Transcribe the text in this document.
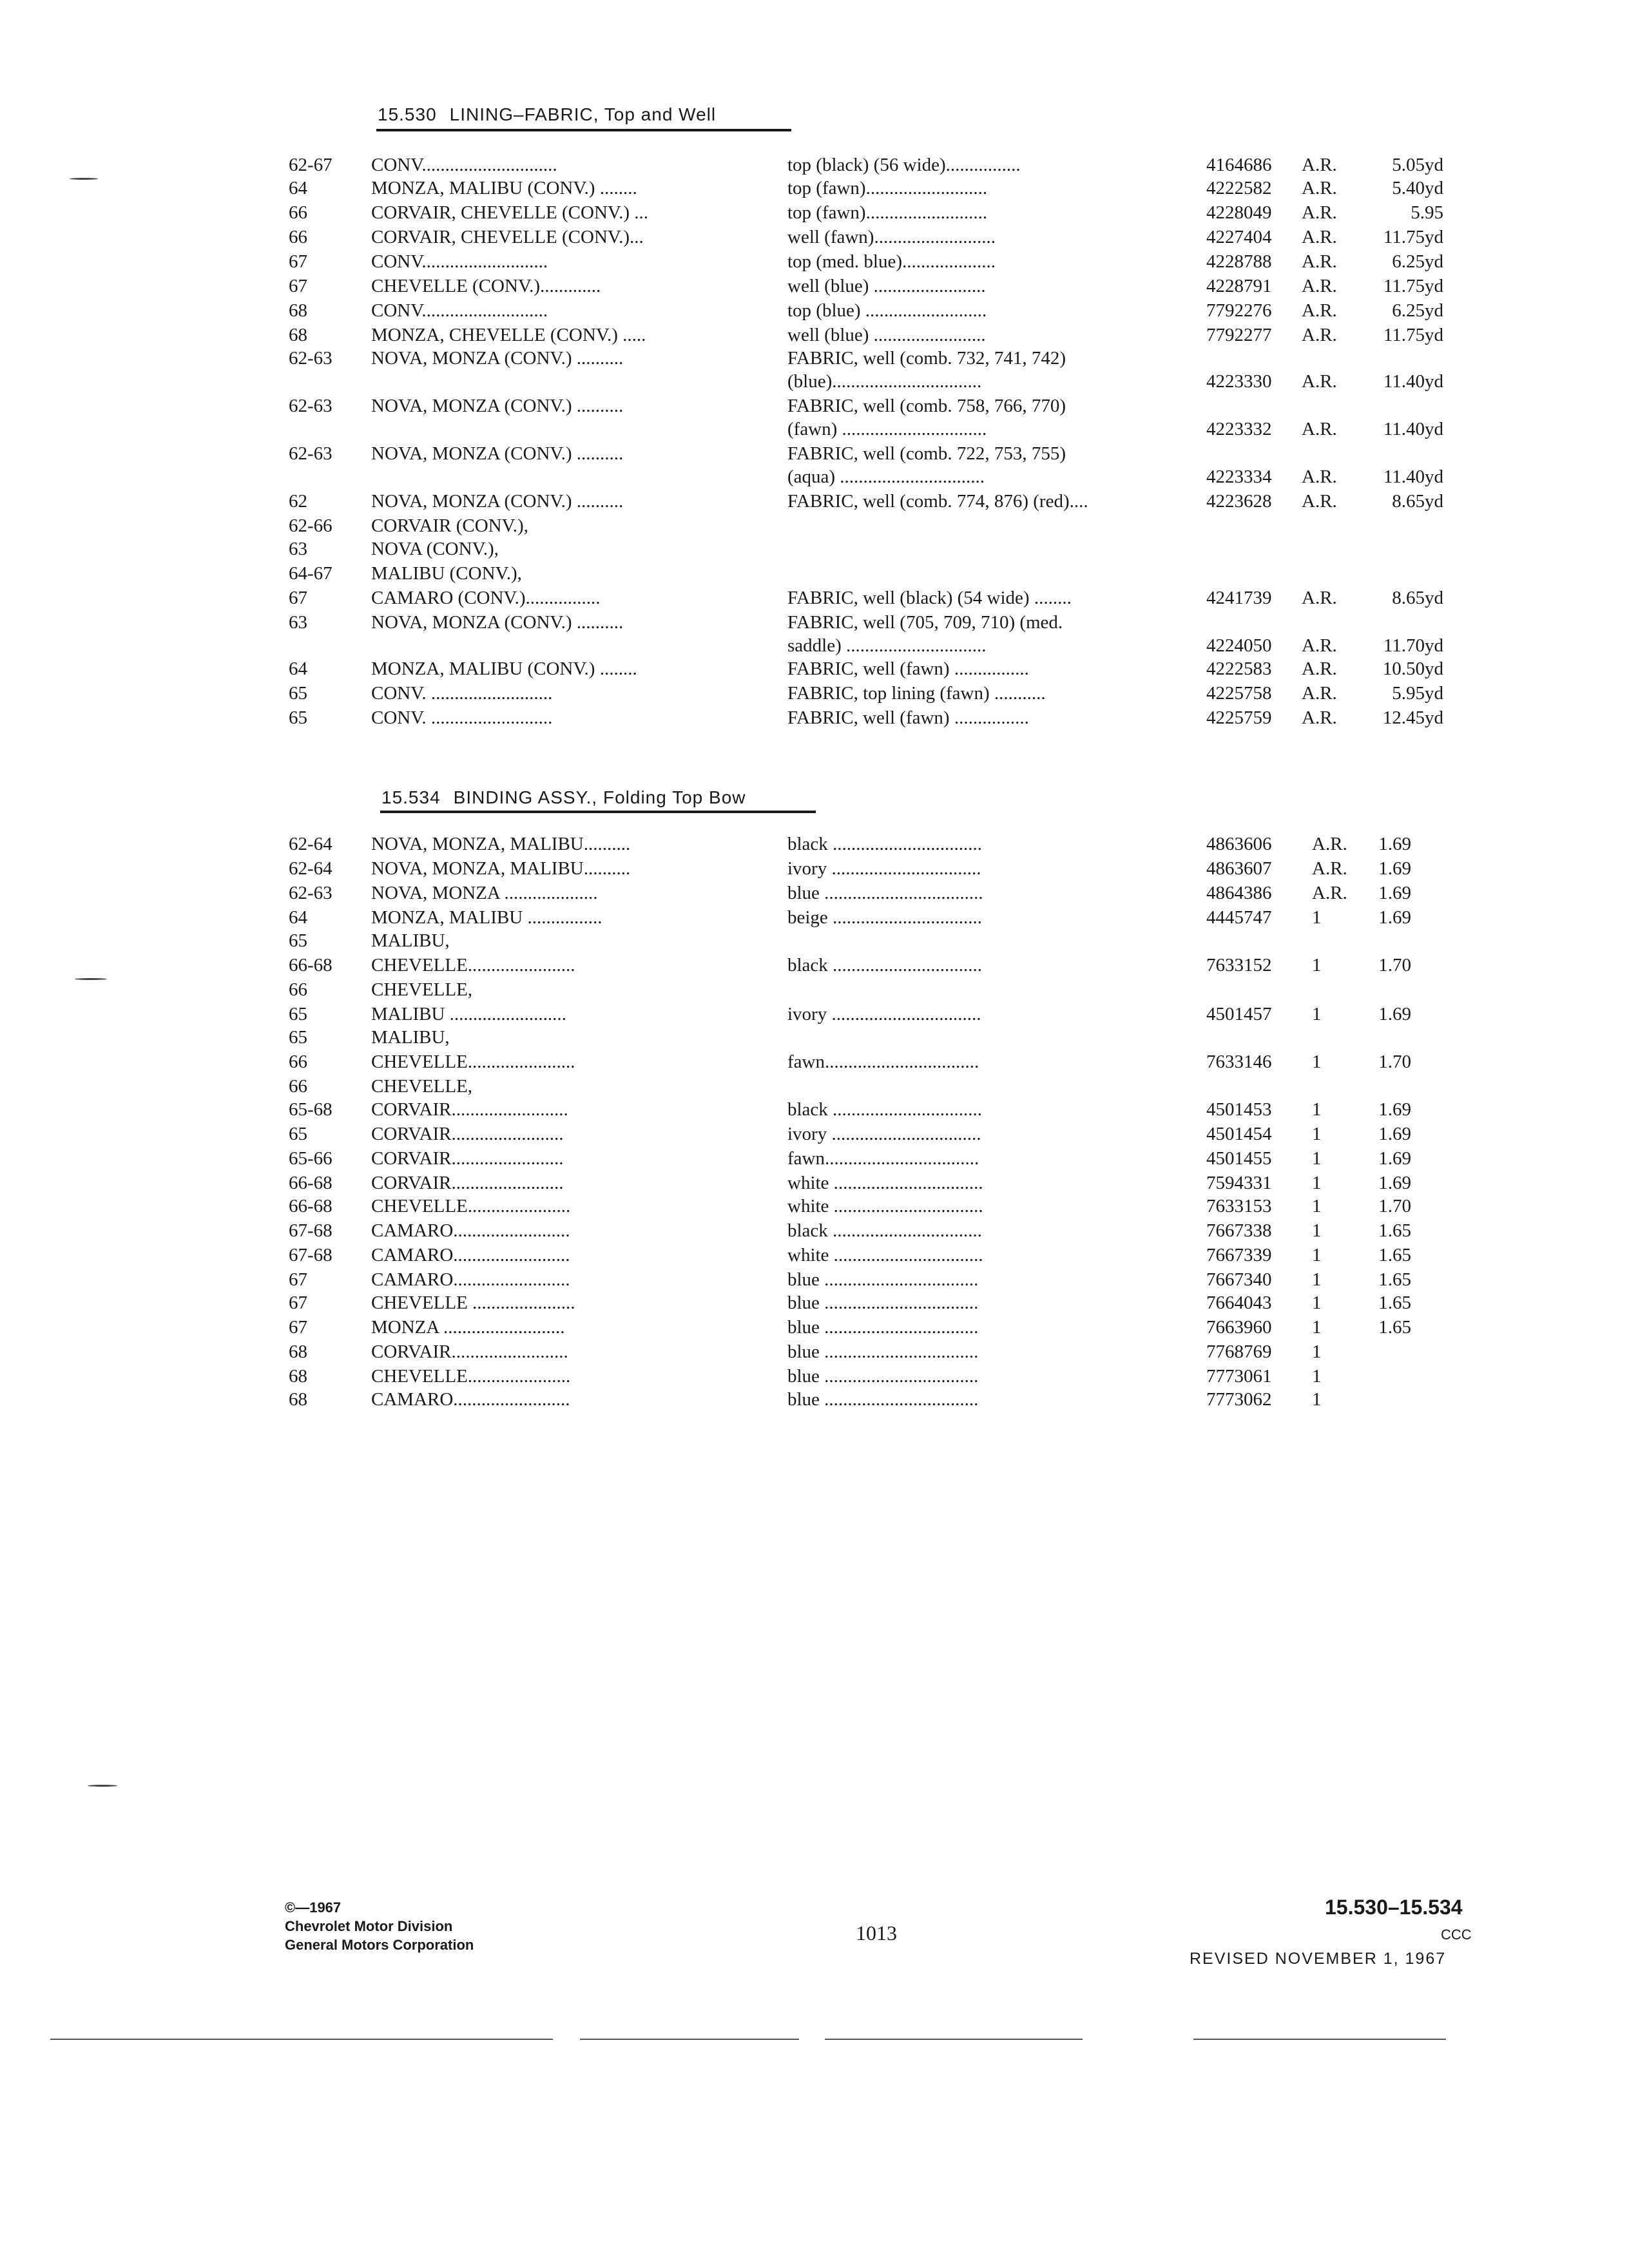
15.530 LINING–FABRIC, Top and Well
62-67	CONV.............................	top (black) (56 wide)................	4164686	A.R.	5.05yd
64	MONZA, MALIBU (CONV.) ........	top (fawn)..........................	4222582	A.R.	5.40yd
66	CORVAIR, CHEVELLE (CONV.) ...	top (fawn)..........................	4228049	A.R.	5.95
66	CORVAIR, CHEVELLE (CONV.)...	well (fawn)..........................	4227404	A.R.	11.75yd
67	CONV...........................	top (med. blue)....................	4228788	A.R.	6.25yd
67	CHEVELLE (CONV.).............	well (blue) ........................	4228791	A.R.	11.75yd
68	CONV...........................	top (blue) ..........................	7792276	A.R.	6.25yd
68	MONZA, CHEVELLE (CONV.) .....	well (blue) ........................	7792277	A.R.	11.75yd
62-63	NOVA, MONZA (CONV.) ..........	FABRIC, well (comb. 732, 741, 742)
(blue)................................	4223330	A.R.	11.40yd
62-63	NOVA, MONZA (CONV.) ..........	FABRIC, well (comb. 758, 766, 770)
(fawn) ...............................	4223332	A.R.	11.40yd
62-63	NOVA, MONZA (CONV.) ..........	FABRIC, well (comb. 722, 753, 755)
(aqua) ...............................	4223334	A.R.	11.40yd
62	NOVA, MONZA (CONV.) ..........	FABRIC, well (comb. 774, 876) (red)....	4223628	A.R.	8.65yd
62-66	CORVAIR (CONV.),
63	NOVA (CONV.),
64-67	MALIBU (CONV.),
67	CAMARO (CONV.)................	FABRIC, well (black) (54 wide) ........	4241739	A.R.	8.65yd
63	NOVA, MONZA (CONV.) ..........	FABRIC, well (705, 709, 710) (med.
saddle) ..............................	4224050	A.R.	11.70yd
64	MONZA, MALIBU (CONV.) ........	FABRIC, well (fawn) ................	4222583	A.R.	10.50yd
65	CONV. ..........................	FABRIC, top lining (fawn) ...........	4225758	A.R.	5.95yd
65	CONV. ..........................	FABRIC, well (fawn) ................	4225759	A.R.	12.45yd
15.534 BINDING ASSY., Folding Top Bow
62-64	NOVA, MONZA, MALIBU..........	black ................................	4863606	A.R.	1.69
62-64	NOVA, MONZA, MALIBU..........	ivory ................................	4863607	A.R.	1.69
62-63	NOVA, MONZA ....................	blue ..................................	4864386	A.R.	1.69
64	MONZA, MALIBU ................	beige ................................	4445747	1	1.69
65	MALIBU,
66-68	CHEVELLE.......................	black ................................	7633152	1	1.70
66	CHEVELLE,
65	MALIBU .........................	ivory ................................	4501457	1	1.69
65	MALIBU,
66	CHEVELLE.......................	fawn.................................	7633146	1	1.70
66	CHEVELLE,
65-68	CORVAIR.........................	black ................................	4501453	1	1.69
65	CORVAIR........................	ivory ................................	4501454	1	1.69
65-66	CORVAIR........................	fawn.................................	4501455	1	1.69
66-68	CORVAIR........................	white ................................	7594331	1	1.69
66-68	CHEVELLE......................	white ................................	7633153	1	1.70
67-68	CAMARO.........................	black ................................	7667338	1	1.65
67-68	CAMARO.........................	white ................................	7667339	1	1.65
67	CAMARO.........................	blue .................................	7667340	1	1.65
67	CHEVELLE ......................	blue .................................	7664043	1	1.65
67	MONZA ..........................	blue .................................	7663960	1	1.65
68	CORVAIR.........................	blue .................................	7768769	1
68	CHEVELLE......................	blue .................................	7773061	1
68	CAMARO.........................	blue .................................	7773062	1
©—1967
Chevrolet Motor Division
General Motors Corporation
1013
15.530–15.534
CCC
REVISED NOVEMBER 1, 1967
